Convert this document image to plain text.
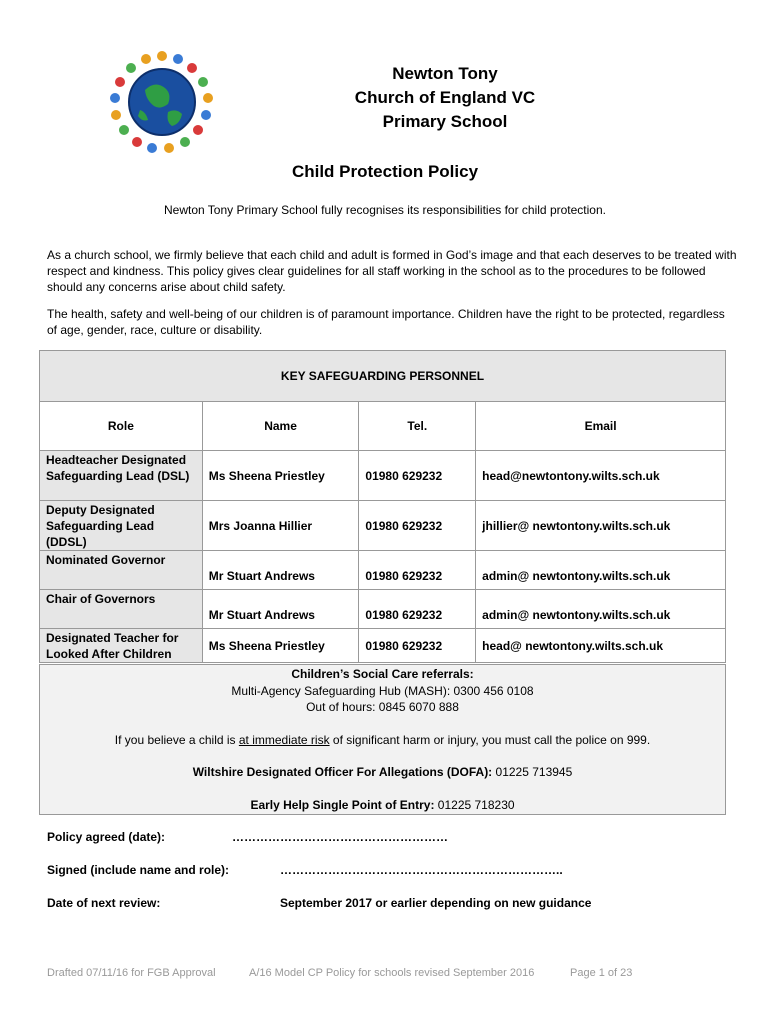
Newton Tony
Church of England VC
Primary School
Child Protection Policy
Newton Tony Primary School fully recognises its responsibilities for child protection.
As a church school, we firmly believe that each child and adult is formed in God’s image and that each deserves to be treated with respect and kindness. This policy gives clear guidelines for all staff working in the school as to the procedures to be followed should any concerns arise about child safety.
The health, safety and well-being of our children is of paramount importance. Children have the right to be protected, regardless of age, gender, race, culture or disability.
KEY SAFEGUARDING PERSONNEL			
Role	Name	Tel.	Email
Headteacher Designated Safeguarding Lead (DSL)	Ms Sheena Priestley	01980 629232	head@newtontony.wilts.sch.uk
Deputy Designated Safeguarding Lead (DDSL)	Mrs Joanna Hillier	01980 629232	jhillier@ newtontony.wilts.sch.uk
Nominated Governor	Mr Stuart Andrews	01980 629232	admin@ newtontony.wilts.sch.uk
Chair of Governors	Mr Stuart Andrews	01980 629232	admin@ newtontony.wilts.sch.uk
Designated Teacher for Looked After Children	Ms Sheena Priestley	01980 629232	head@ newtontony.wilts.sch.uk
Children’s Social Care referrals:
Multi-Agency Safeguarding Hub (MASH): 0300 456 0108
Out of hours: 0845 6070 888
If you believe a child is at immediate risk of significant harm or injury, you must call the police on 999.
Wiltshire Designated Officer For Allegations (DOFA): 01225 713945
Early Help Single Point of Entry: 01225 718230
Policy agreed (date):	………………………………………………
Signed (include name and role):	……………………………………………………………..
Date of next review:	September 2017 or earlier depending on new guidance
Drafted 07/11/16 for FGB Approval	A/16 Model CP Policy for schools revised September 2016	Page 1 of 23
